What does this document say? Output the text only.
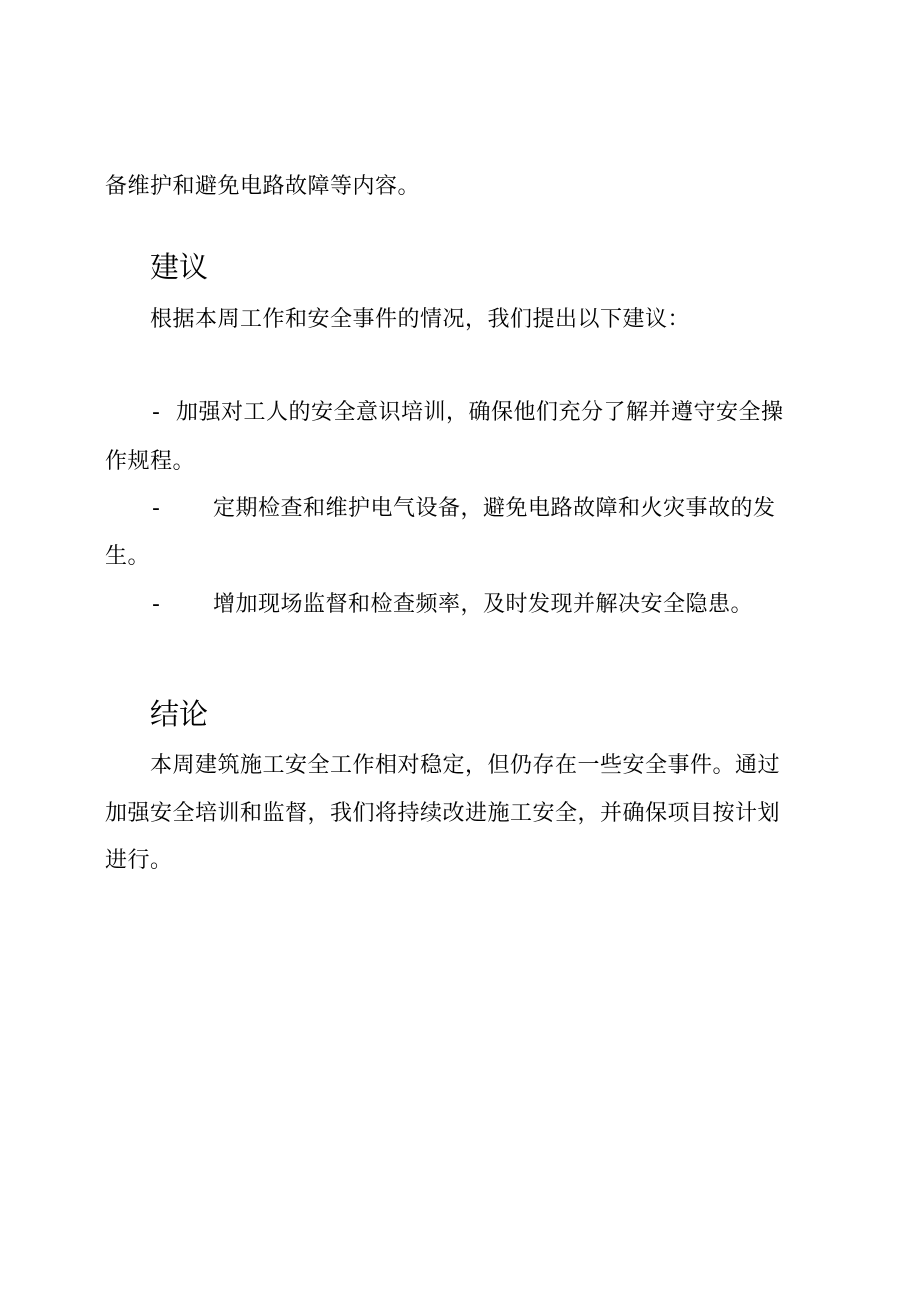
备维护和避免电路故障等内容。
建议
根据本周工作和安全事件的情况，我们提出以下建议：
- 加强对工人的安全意识培训，确保他们充分了解并遵守安全操
作规程。
- 定期检查和维护电气设备，避免电路故障和火灾事故的发
生。
- 增加现场监督和检查频率，及时发现并解决安全隐患。
结论
本周建筑施工安全工作相对稳定，但仍存在一些安全事件。通过
加强安全培训和监督，我们将持续改进施工安全，并确保项目按计划
进行。
